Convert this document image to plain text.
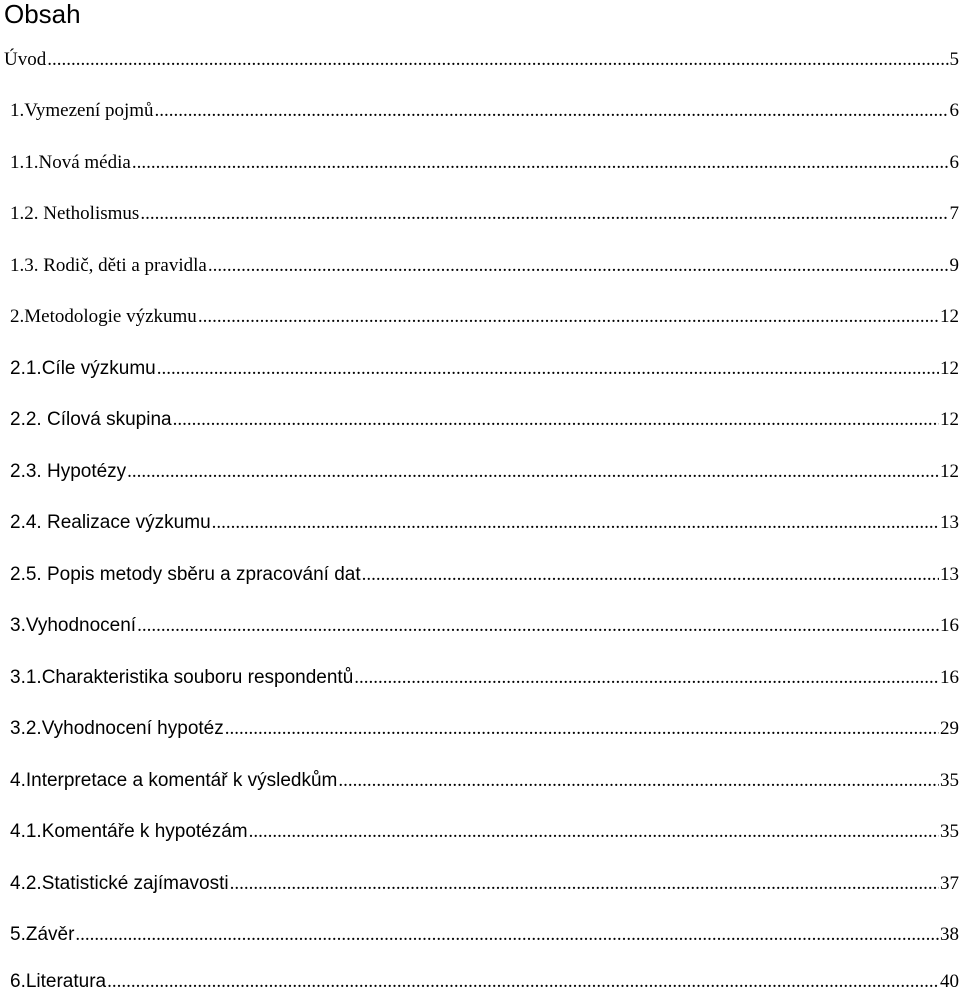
Obsah
Úvod .....	5
1.Vymezení pojmů .....	6
1.1.Nová média .....	6
1.2. Netholismus .....	7
1.3. Rodič, děti a pravidla .....	9
2.Metodologie výzkumu .....	12
2.1.Cíle výzkumu .....	12
2.2. Cílová skupina .....	12
2.3. Hypotézy .....	12
2.4. Realizace výzkumu .....	13
2.5. Popis metody sběru a zpracování dat .....	13
3.Vyhodnocení .....	16
3.1.Charakteristika souboru respondentů .....	16
3.2.Vyhodnocení hypotéz .....	29
4.Interpretace a komentář k výsledkům .....	35
4.1.Komentáře k hypotézám .....	35
4.2.Statistické zajímavosti .....	37
5.Závěr .....	38
6.Literatura .....	40
